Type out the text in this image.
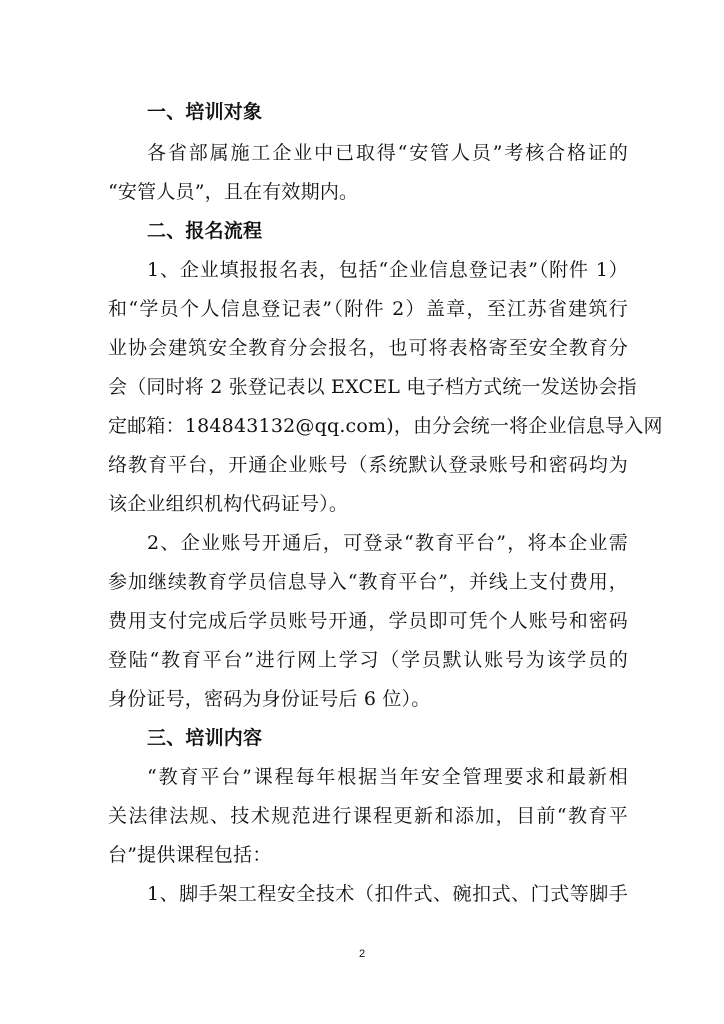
一、培训对象
各省部属施工企业中已取得“安管人员”考核合格证的
“安管人员”，且在有效期内。
二、报名流程
1、企业填报报名表，包括“企业信息登记表”（附件 1）
和“学员个人信息登记表”（附件 2）盖章，至江苏省建筑行
业协会建筑安全教育分会报名，也可将表格寄至安全教育分
会（同时将 2 张登记表以 EXCEL 电子档方式统一发送协会指
定邮箱：184843132@qq.com)，由分会统一将企业信息导入网
络教育平台，开通企业账号（系统默认登录账号和密码均为
该企业组织机构代码证号）。
2、企业账号开通后，可登录“教育平台”，将本企业需
参加继续教育学员信息导入“教育平台”，并线上支付费用，
费用支付完成后学员账号开通，学员即可凭个人账号和密码
登陆“教育平台”进行网上学习（学员默认账号为该学员的
身份证号，密码为身份证号后 6 位）。
三、培训内容
“教育平台”课程每年根据当年安全管理要求和最新相
关法律法规、技术规范进行课程更新和添加，目前“教育平
台”提供课程包括：
1、脚手架工程安全技术（扣件式、碗扣式、门式等脚手
2
